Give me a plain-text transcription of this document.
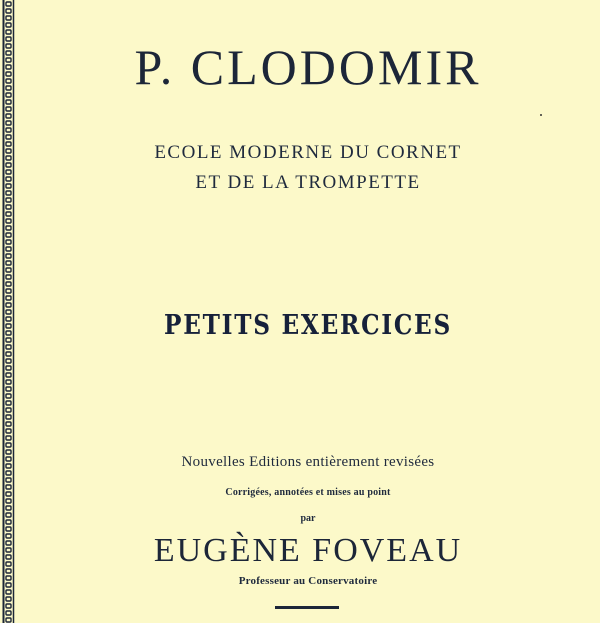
P. CLODOMIR
ECOLE MODERNE DU CORNET
ET DE LA TROMPETTE
PETITS EXERCICES
Nouvelles Editions entièrement revisées
Corrigées, annotées et mises au point
par
EUGÈNE FOVEAU
Professeur au Conservatoire
